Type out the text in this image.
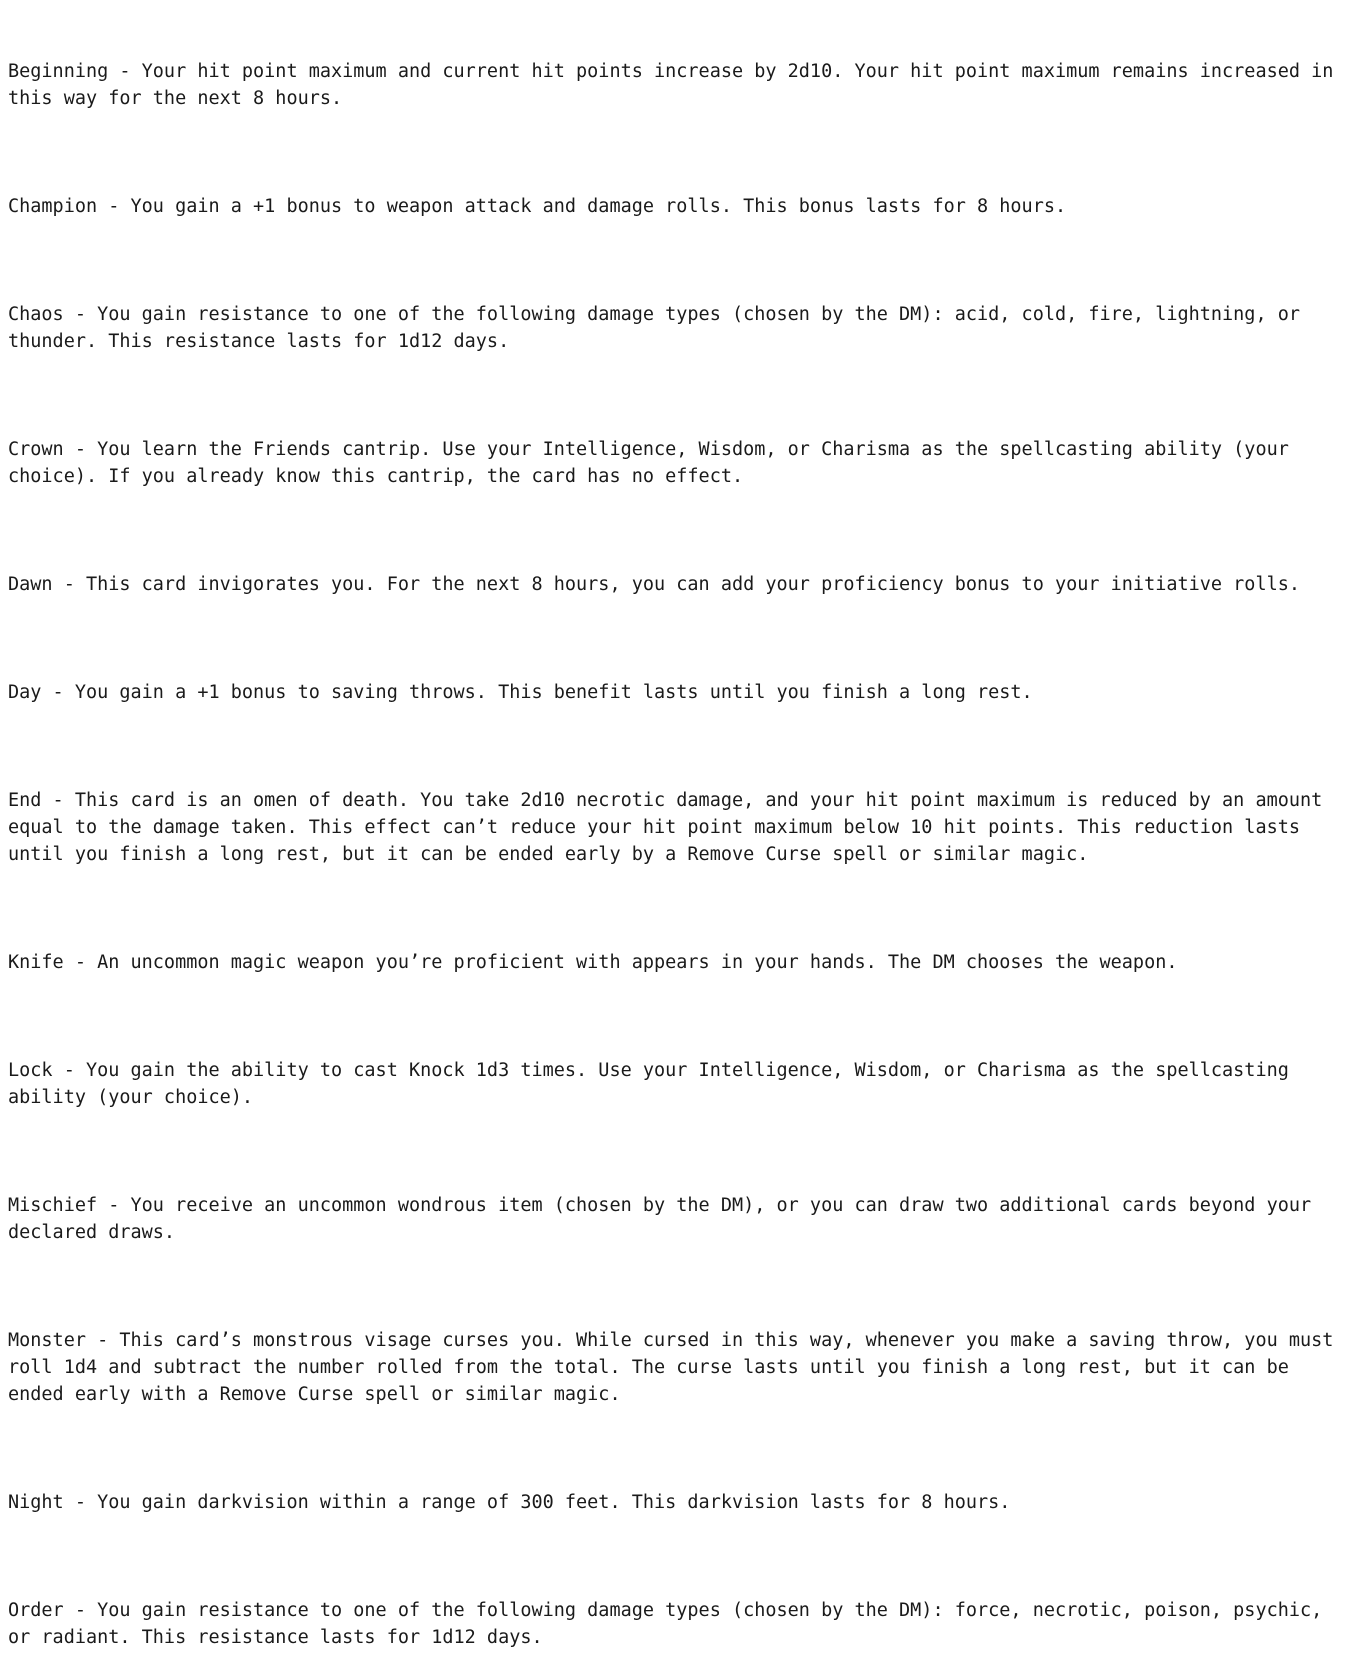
Beginning - Your hit point maximum and current hit points increase by 2d10. Your hit point maximum remains increased in this way for the next 8 hours.

Champion - You gain a +1 bonus to weapon attack and damage rolls. This bonus lasts for 8 hours.

Chaos - You gain resistance to one of the following damage types (chosen by the DM): acid, cold, fire, lightning, or thunder. This resistance lasts for 1d12 days.

Crown - You learn the Friends cantrip. Use your Intelligence, Wisdom, or Charisma as the spellcasting ability (your choice). If you already know this cantrip, the card has no effect.

Dawn - This card invigorates you. For the next 8 hours, you can add your proficiency bonus to your initiative rolls.

Day - You gain a +1 bonus to saving throws. This benefit lasts until you finish a long rest.

End - This card is an omen of death. You take 2d10 necrotic damage, and your hit point maximum is reduced by an amount equal to the damage taken. This effect can’t reduce your hit point maximum below 10 hit points. This reduction lasts until you finish a long rest, but it can be ended early by a Remove Curse spell or similar magic.

Knife - An uncommon magic weapon you’re proficient with appears in your hands. The DM chooses the weapon.

Lock - You gain the ability to cast Knock 1d3 times. Use your Intelligence, Wisdom, or Charisma as the spellcasting ability (your choice).

Mischief - You receive an uncommon wondrous item (chosen by the DM), or you can draw two additional cards beyond your declared draws.

Monster - This card’s monstrous visage curses you. While cursed in this way, whenever you make a saving throw, you must roll 1d4 and subtract the number rolled from the total. The curse lasts until you finish a long rest, but it can be ended early with a Remove Curse spell or similar magic.

Night - You gain darkvision within a range of 300 feet. This darkvision lasts for 8 hours.

Order - You gain resistance to one of the following damage types (chosen by the DM): force, necrotic, poison, psychic, or radiant. This resistance lasts for 1d12 days.
